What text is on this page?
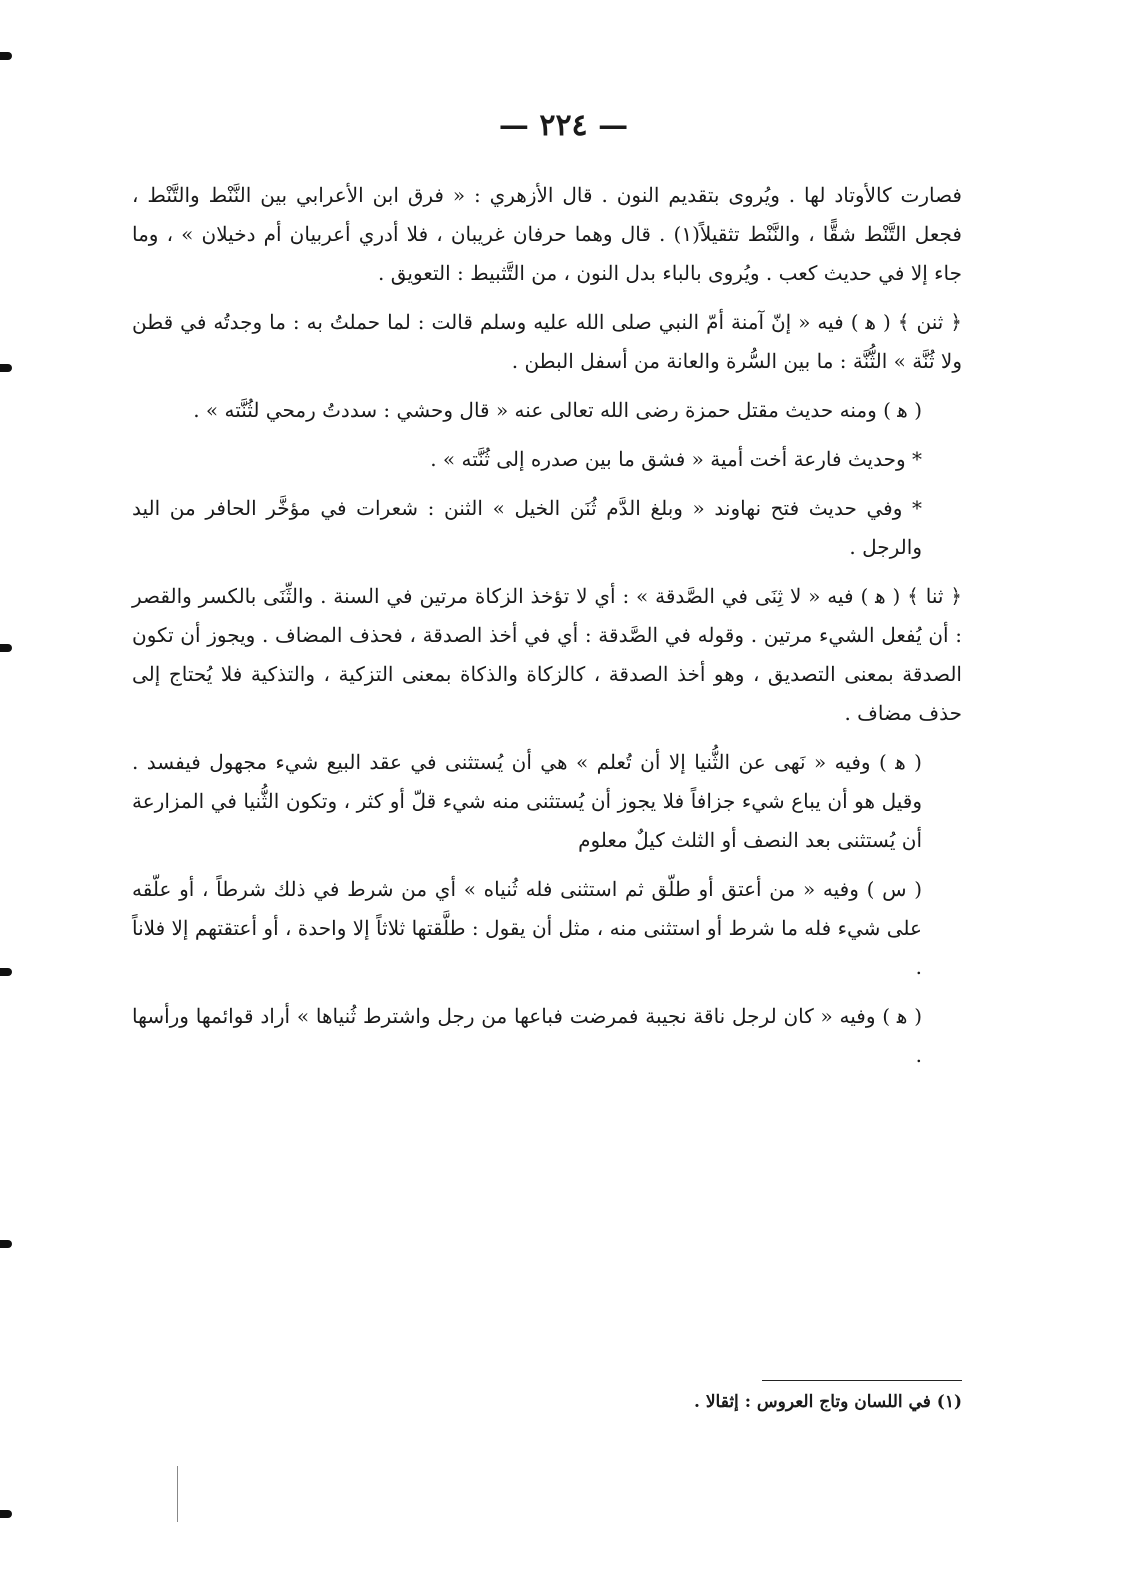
— ٢٢٤ —

فصارت كالأوتاد لها . ويُروى بتقديم النون . قال الأزهري : « فرق ابن الأعرابي بين النَّنْط والتَّنْط ، فجعل التَّنْط شقًّا ، والنَّنْط تثقيلاً(١) . قال وهما حرفان غريبان ، فلا أدري أعربيان أم دخيلان » ، وما جاء إلا في حديث كعب . ويُروى بالباء بدل النون ، من التَّثبيط : التعويق .

﴿ ثنن ﴾ ( ﻫ ) فيه « إنّ آمنة أمّ النبي صلى الله عليه وسلم قالت : لما حملتُ به : ما وجدتُه في قطن ولا ثُنَّة » الثُّنَّة : ما بين السُّرة والعانة من أسفل البطن .

( ﻫ ) ومنه حديث مقتل حمزة رضى الله تعالى عنه « قال وحشي : سددتُ رمحي لثُنَّته » .

* وحديث فارعة أخت أمية « فشق ما بين صدره إلى ثُنَّته » .

* وفي حديث فتح نهاوند « وبلغ الدَّم ثُنَن الخيل » الثنن : شعرات في مؤخَّر الحافر من اليد والرجل .

﴿ ثنا ﴾ ( ﻫ ) فيه « لا ثِنَى في الصَّدقة » : أي لا تؤخذ الزكاة مرتين في السنة . والثِّنَى بالكسر والقصر : أن يُفعل الشيء مرتين . وقوله في الصَّدقة : أي في أخذ الصدقة ، فحذف المضاف . ويجوز أن تكون الصدقة بمعنى التصديق ، وهو أخذ الصدقة ، كالزكاة والذكاة بمعنى التزكية ، والتذكية فلا يُحتاج إلى حذف مضاف .

( ﻫ ) وفيه « نَهى عن الثُّنيا إلا أن تُعلم » هي أن يُستثنى في عقد البيع شيء مجهول فيفسد . وقيل هو أن يباع شيء جزافاً فلا يجوز أن يُستثنى منه شيء قلّ أو كثر ، وتكون الثُّنيا في المزارعة أن يُستثنى بعد النصف أو الثلث كيلٌ معلوم

( س ) وفيه « من أعتق أو طلّق ثم استثنى فله ثُنياه » أي من شرط في ذلك شرطاً ، أو علّقه على شيء فله ما شرط أو استثنى منه ، مثل أن يقول : طلَّقتها ثلاثاً إلا واحدة ، أو أعتقتهم إلا فلاناً .

( ﻫ ) وفيه « كان لرجل ناقة نجيبة فمرضت فباعها من رجل واشترط ثُنياها » أراد قوائمها ورأسها .

(١) في اللسان وتاج العروس : إثقالا .
